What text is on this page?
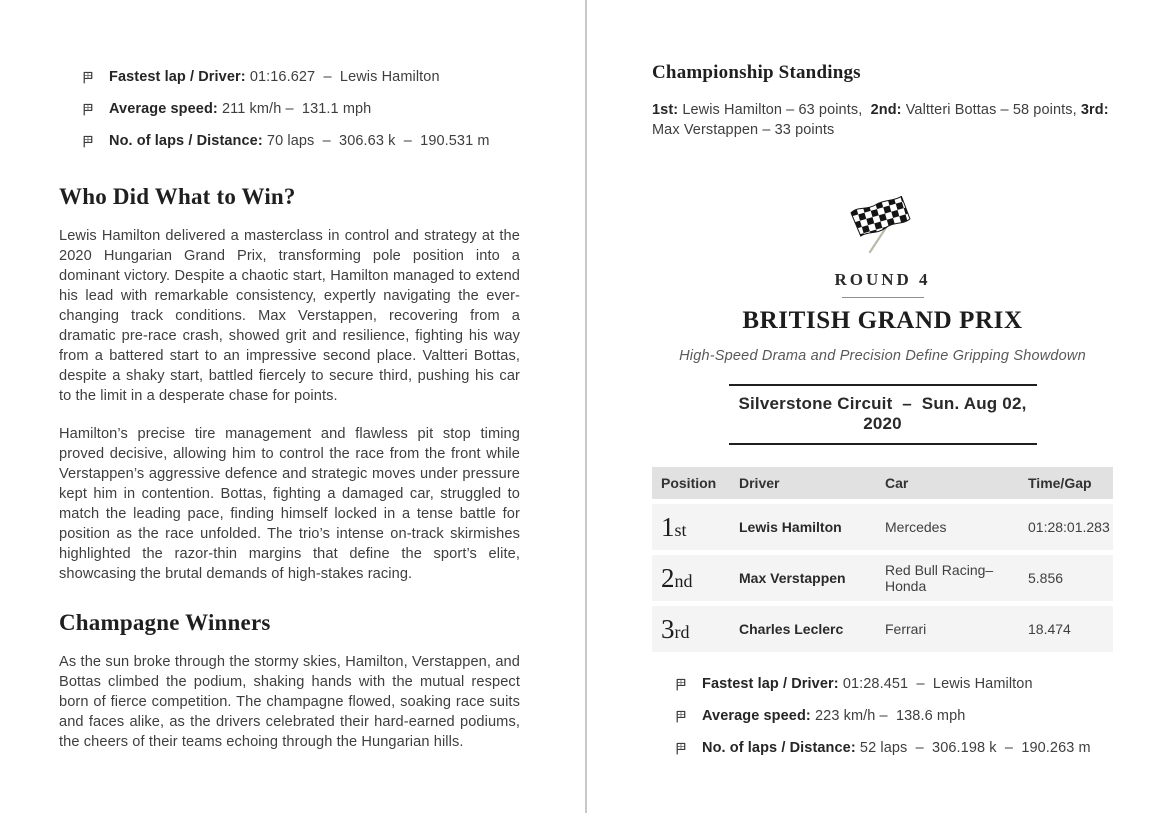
Fastest lap / Driver: 01:16.627  –  Lewis Hamilton
Average speed: 211 km/h –  131.1 mph
No. of laps / Distance: 70 laps  –  306.63 k  –  190.531 m
Who Did What to Win?

Lewis Hamilton delivered a masterclass in control and strategy at the 2020 Hungarian Grand Prix, transforming pole position into a dominant victory. Despite a chaotic start, Hamilton managed to extend his lead with remarkable consistency, expertly navigating the ever-changing track conditions. Max Verstappen, recovering from a dramatic pre-race crash, showed grit and resilience, fighting his way from a battered start to an impressive second place. Valtteri Bottas, despite a shaky start, battled fiercely to secure third, pushing his car to the limit in a desperate chase for points.

Hamilton’s precise tire management and flawless pit stop timing proved decisive, allowing him to control the race from the front while Verstappen’s aggressive defence and strategic moves under pressure kept him in contention. Bottas, fighting a damaged car, struggled to match the leading pace, finding himself locked in a tense battle for position as the race unfolded. The trio’s intense on-track skirmishes highlighted the razor-thin margins that define the sport’s elite, showcasing the brutal demands of high-stakes racing.

Champagne Winners

As the sun broke through the stormy skies, Hamilton, Verstappen, and Bottas climbed the podium, shaking hands with the mutual respect born of fierce competition. The champagne flowed, soaking race suits and faces alike, as the drivers celebrated their hard-earned podiums, the cheers of their teams echoing through the Hungarian hills.

Championship Standings

1st: Lewis Hamilton – 63 points,  2nd: Valtteri Bottas – 58 points, 3rd: Max Verstappen – 33 points

ROUND 4
BRITISH GRAND PRIX
High-Speed Drama and Precision Define Gripping Showdown
Silverstone Circuit  –  Sun. Aug 02, 2020
Position	Driver	Car	Time/Gap
1st	Lewis Hamilton	Mercedes	01:28:01.283
2nd	Max Verstappen	Red Bull Racing–Honda	5.856
3rd	Charles Leclerc	Ferrari	18.474
Fastest lap / Driver: 01:28.451  –  Lewis Hamilton
Average speed: 223 km/h –  138.6 mph
No. of laps / Distance: 52 laps  –  306.198 k  –  190.263 m
